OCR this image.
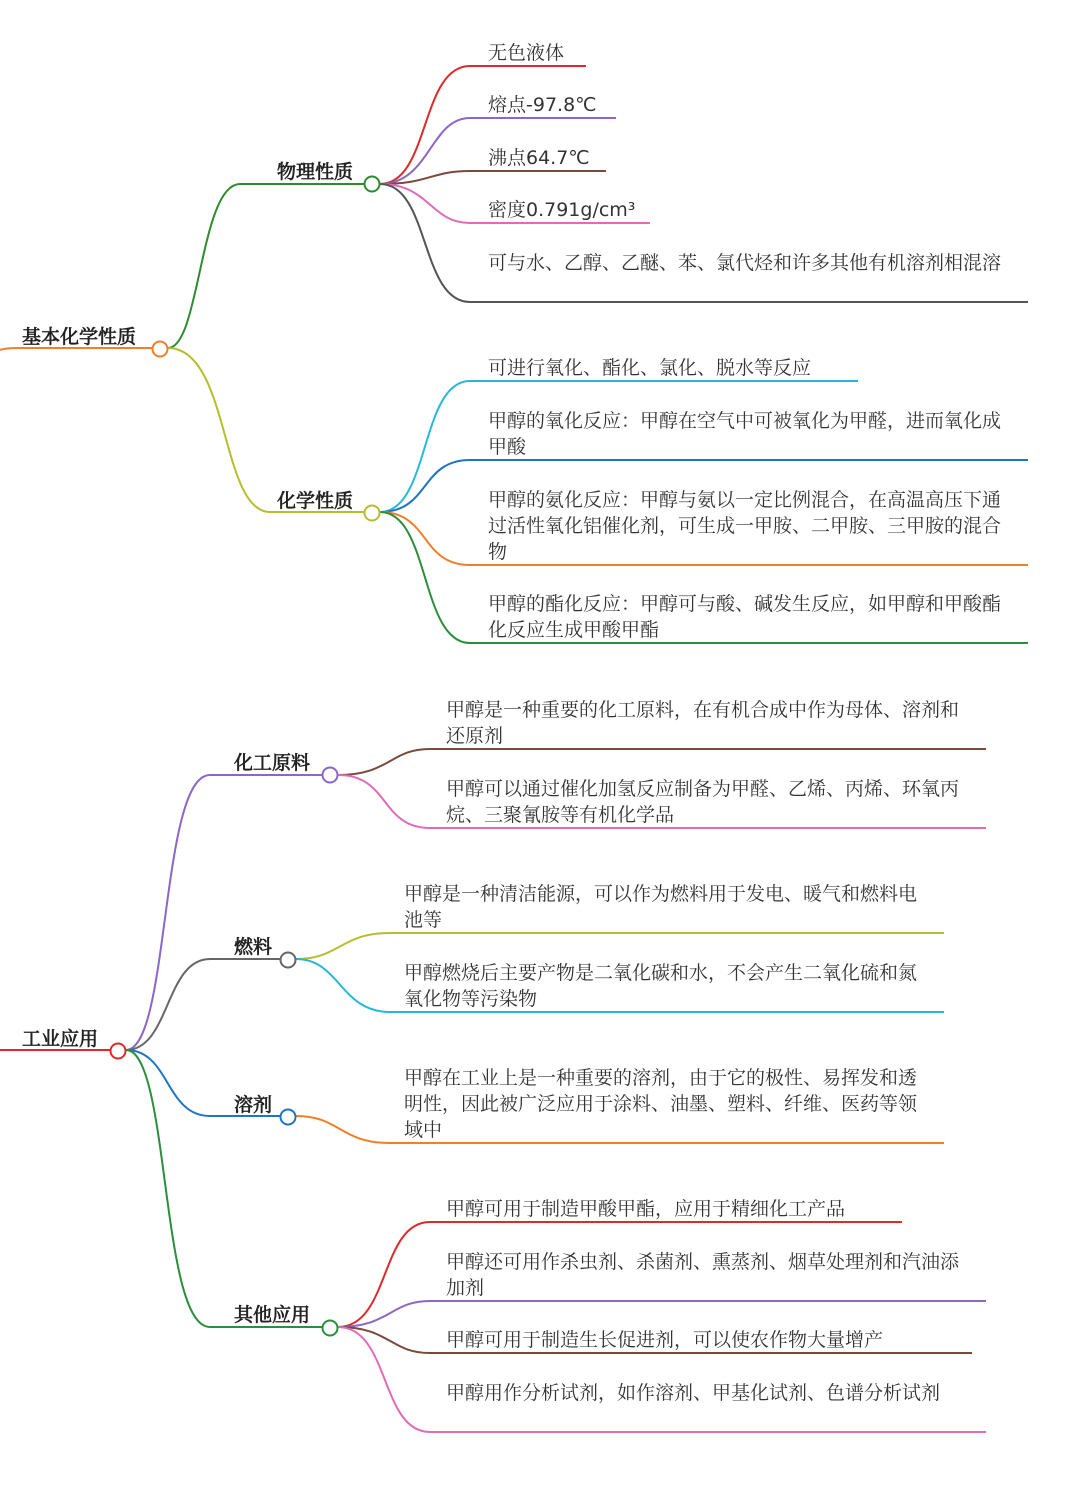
基本化学性质
物理性质
化学性质
工业应用
化工原料
燃料
溶剂
其他应用
无色液体
熔点-97.8℃
沸点64.7℃
密度0.791g/cm³
可与水、乙醇、乙醚、苯、氯代烃和许多其他有机溶剂相混溶
可进行氧化、酯化、氯化、脱水等反应
甲醇的氧化反应：甲醇在空气中可被氧化为甲醛，进而氧化成甲酸
甲醇的氨化反应：甲醇与氨以一定比例混合，在高温高压下通过活性氧化铝催化剂，可生成一甲胺、二甲胺、三甲胺的混合物
甲醇的酯化反应：甲醇可与酸、碱发生反应，如甲醇和甲酸酯化反应生成甲酸甲酯
甲醇是一种重要的化工原料，在有机合成中作为母体、溶剂和还原剂
甲醇可以通过催化加氢反应制备为甲醛、乙烯、丙烯、环氧丙烷、三聚氰胺等有机化学品
甲醇是一种清洁能源，可以作为燃料用于发电、暖气和燃料电池等
甲醇燃烧后主要产物是二氧化碳和水，不会产生二氧化硫和氮氧化物等污染物
甲醇在工业上是一种重要的溶剂，由于它的极性、易挥发和透明性，因此被广泛应用于涂料、油墨、塑料、纤维、医药等领域中
甲醇可用于制造甲酸甲酯，应用于精细化工产品
甲醇还可用作杀虫剂、杀菌剂、熏蒸剂、烟草处理剂和汽油添加剂
甲醇可用于制造生长促进剂，可以使农作物大量增产
甲醇用作分析试剂，如作溶剂、甲基化试剂、色谱分析试剂
